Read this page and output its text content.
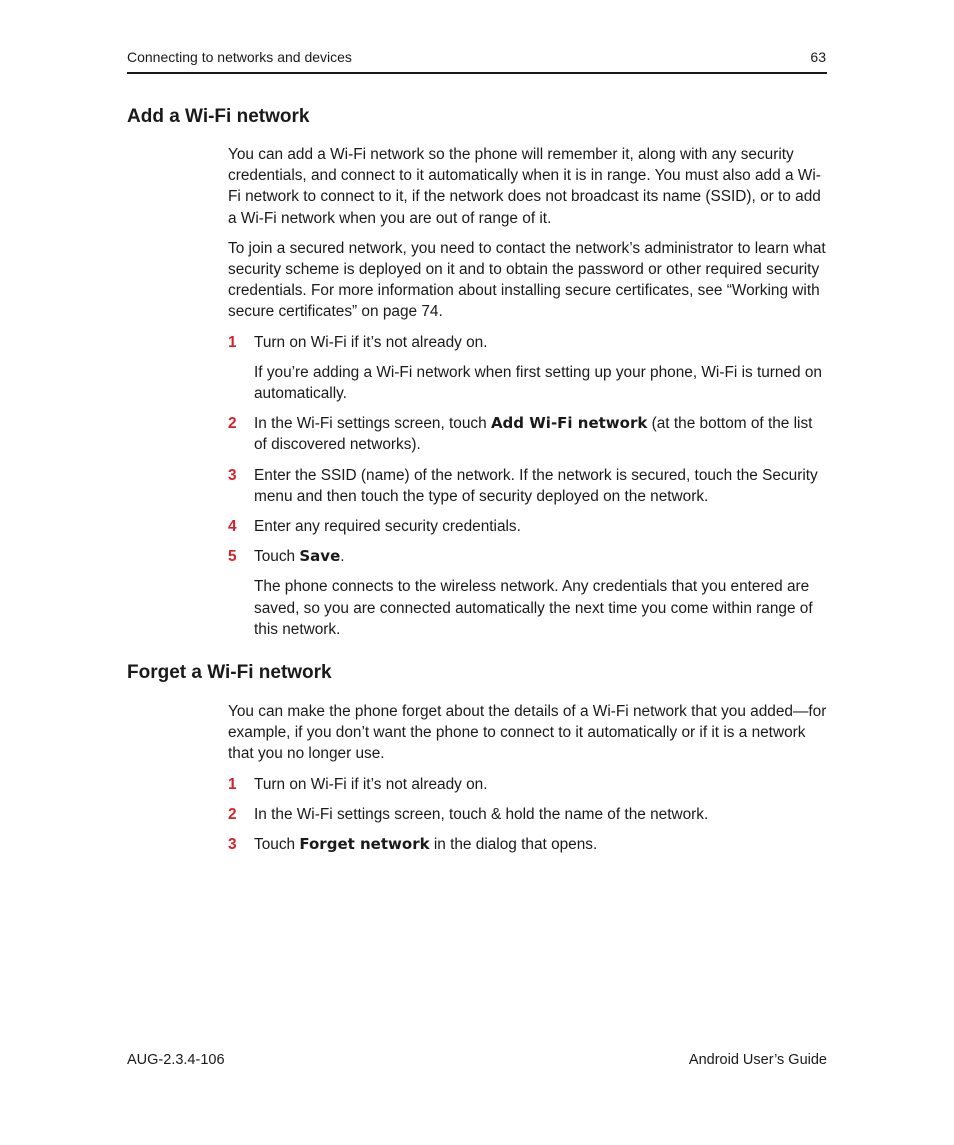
Connecting to networks and devices	63
Add a Wi-Fi network

You can add a Wi-Fi network so the phone will remember it, along with any security credentials, and connect to it automatically when it is in range. You must also add a Wi-Fi network to connect to it, if the network does not broadcast its name (SSID), or to add a Wi-Fi network when you are out of range of it.

To join a secured network, you need to contact the network’s administrator to learn what security scheme is deployed on it and to obtain the password or other required security credentials. For more information about installing secure certificates, see “Working with secure certificates” on page 74.

1 Turn on Wi-Fi if it’s not already on.
If you’re adding a Wi-Fi network when first setting up your phone, Wi-Fi is turned on automatically.
2 In the Wi-Fi settings screen, touch Add Wi-Fi network (at the bottom of the list of discovered networks).
3 Enter the SSID (name) of the network. If the network is secured, touch the Security menu and then touch the type of security deployed on the network.
4 Enter any required security credentials.
5 Touch Save.
The phone connects to the wireless network. Any credentials that you entered are saved, so you are connected automatically the next time you come within range of this network.
Forget a Wi-Fi network

You can make the phone forget about the details of a Wi-Fi network that you added—for example, if you don’t want the phone to connect to it automatically or if it is a network that you no longer use.

1 Turn on Wi-Fi if it’s not already on.
2 In the Wi-Fi settings screen, touch & hold the name of the network.
3 Touch Forget network in the dialog that opens.
AUG-2.3.4-106	Android User’s Guide
